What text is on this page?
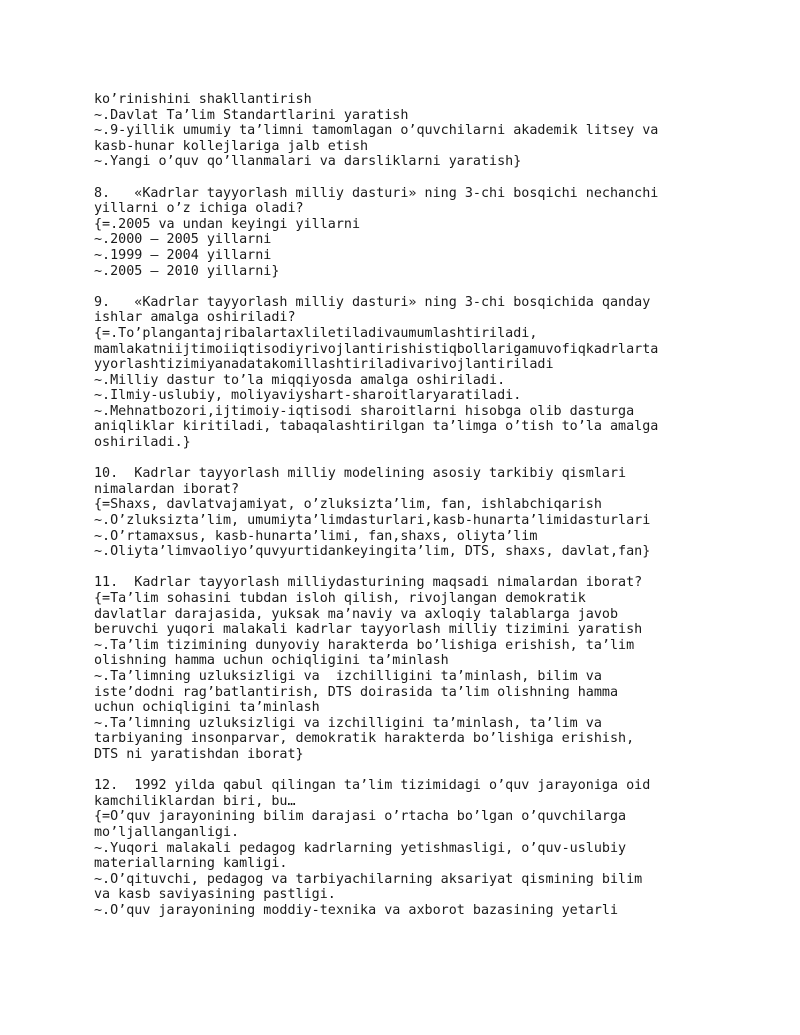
ko’rinishini shakllantirish
~.Davlat Ta’lim Standartlarini yaratish
~.9-yillik umumiy ta’limni tamomlagan o’quvchilarni akademik litsey va
kasb-hunar kollejlariga jalb etish
~.Yangi o’quv qo’llanmalari va darsliklarni yaratish}
8.   «Kadrlar tayyorlash milliy dasturi» ning 3-chi bosqichi nechanchi
yillarni o’z ichiga oladi?
{=.2005 va undan keyingi yillarni
~.2000 – 2005 yillarni
~.1999 – 2004 yillarni
~.2005 – 2010 yillarni}
9.   «Kadrlar tayyorlash milliy dasturi» ning 3-chi bosqichida qanday
ishlar amalga oshiriladi?
{=.To’plangantajribalartaxliletiladivaumumlashtiriladi,
mamlakatniijtimoiiqtisodiyrivojlantirishistiqbollarigamuvofiqkadrlarta
yyorlashtizimiyanadatakomillashtiriladivarivojlantiriladi
~.Milliy dastur to’la miqqiyosda amalga oshiriladi.
~.Ilmiy-uslubiy, moliyaviyshart-sharoitlaryaratiladi.
~.Mehnatbozori,ijtimoiy-iqtisodi sharoitlarni hisobga olib dasturga
aniqliklar kiritiladi, tabaqalashtirilgan ta’limga o’tish to’la amalga
oshiriladi.}
10.  Kadrlar tayyorlash milliy modelining asosiy tarkibiy qismlari
nimalardan iborat?
{=Shaxs, davlatvajamiyat, o’zluksizta’lim, fan, ishlabchiqarish
~.O’zluksizta’lim, umumiyta’limdasturlari,kasb-hunarta’limidasturlari
~.O’rtamaxsus, kasb-hunarta’limi, fan,shaxs, oliyta’lim
~.Oliyta’limvaoliyo’quvyurtidankeyingita’lim, DTS, shaxs, davlat,fan}
11.  Kadrlar tayyorlash milliydasturining maqsadi nimalardan iborat?
{=Ta’lim sohasini tubdan isloh qilish, rivojlangan demokratik
davlatlar darajasida, yuksak ma’naviy va axloqiy talablarga javob
beruvchi yuqori malakali kadrlar tayyorlash milliy tizimini yaratish
~.Ta’lim tizimining dunyoviy harakterda bo’lishiga erishish, ta’lim
olishning hamma uchun ochiqligini ta’minlash
~.Ta’limning uzluksizligi va  izchilligini ta’minlash, bilim va
iste’dodni rag’batlantirish, DTS doirasida ta’lim olishning hamma
uchun ochiqligini ta’minlash
~.Ta’limning uzluksizligi va izchilligini ta’minlash, ta’lim va
tarbiyaning insonparvar, demokratik harakterda bo’lishiga erishish,
DTS ni yaratishdan iborat}
12.  1992 yilda qabul qilingan ta’lim tizimidagi o’quv jarayoniga oid
kamchiliklardan biri, bu…
{=O’quv jarayonining bilim darajasi o’rtacha bo’lgan o’quvchilarga
mo’ljallanganligi.
~.Yuqori malakali pedagog kadrlarning yetishmasligi, o’quv-uslubiy
materiallarning kamligi.
~.O’qituvchi, pedagog va tarbiyachilarning aksariyat qismining bilim
va kasb saviyasining pastligi.
~.O’quv jarayonining moddiy-texnika va axborot bazasining yetarli
